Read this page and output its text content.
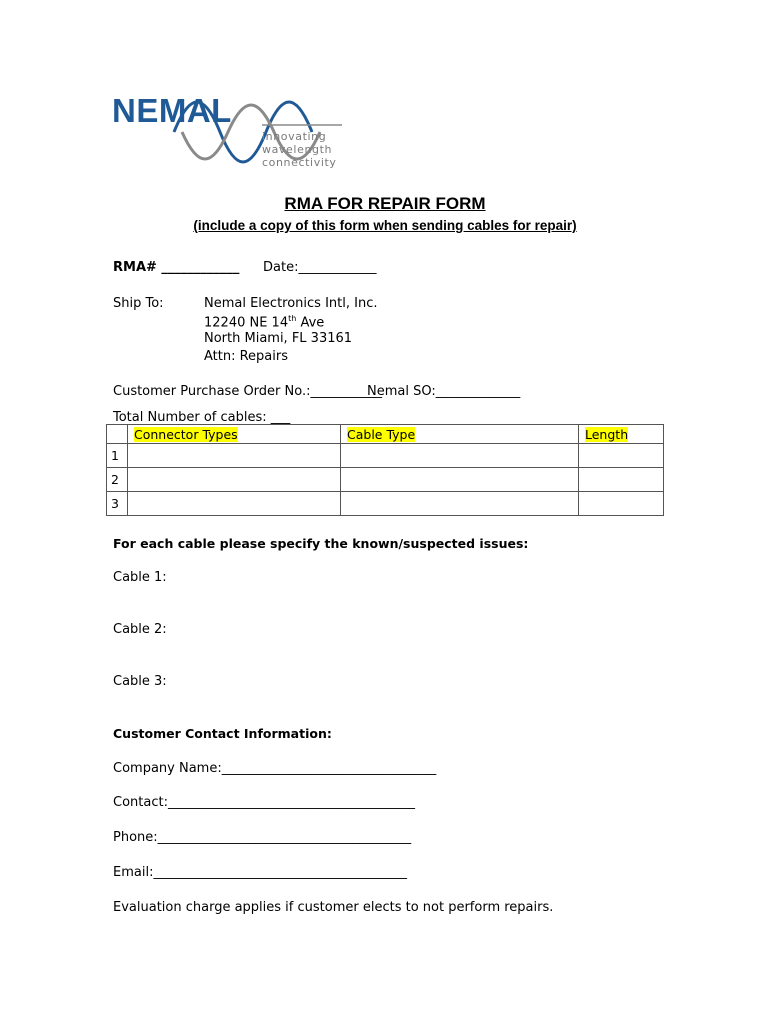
NEMAL
innovating
wavelength
connectivity
RMA FOR REPAIR FORM
(include a copy of this form when sending cables for repair)
RMA# ____________ Date:____________
Ship To:	Nemal Electronics Intl, Inc.
12240 NE 14th Ave
North Miami, FL 33161
Attn: Repairs
Customer Purchase Order No.:___________
Nemal SO:_____________
Total Number of cables: ___
	Connector Types	Cable Type	Length
1			
2			
3			
For each cable please specify the known/suspected issues:
Cable 1:
Cable 2:
Cable 3:
Customer Contact Information:
Company Name:_________________________________
Contact:______________________________________
Phone:_______________________________________
Email:_______________________________________
Evaluation charge applies if customer elects to not perform repairs.
